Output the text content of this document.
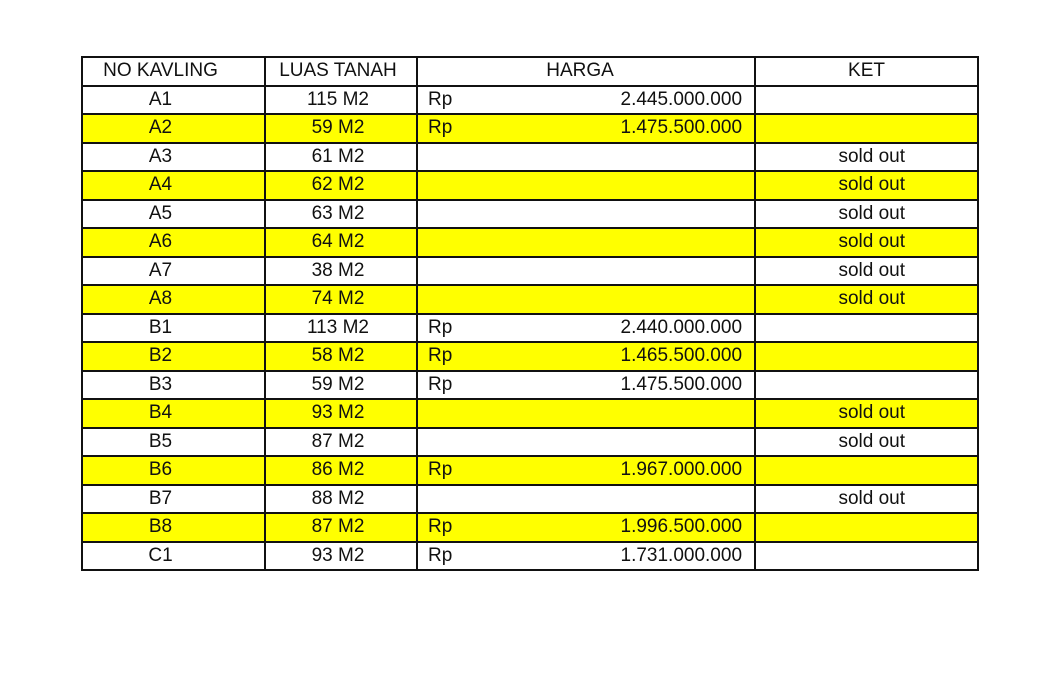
NO KAVLING	LUAS TANAH	HARGA		KET
A1	115 M2	Rp	2.445.000.000	
A2	59 M2	Rp	1.475.500.000	
A3	61 M2			sold out
A4	62 M2			sold out
A5	63 M2			sold out
A6	64 M2			sold out
A7	38 M2			sold out
A8	74 M2			sold out
B1	113 M2	Rp	2.440.000.000	
B2	58 M2	Rp	1.465.500.000	
B3	59 M2	Rp	1.475.500.000	
B4	93 M2			sold out
B5	87 M2			sold out
B6	86 M2	Rp	1.967.000.000	
B7	88 M2			sold out
B8	87 M2	Rp	1.996.500.000	
C1	93 M2	Rp	1.731.000.000	
